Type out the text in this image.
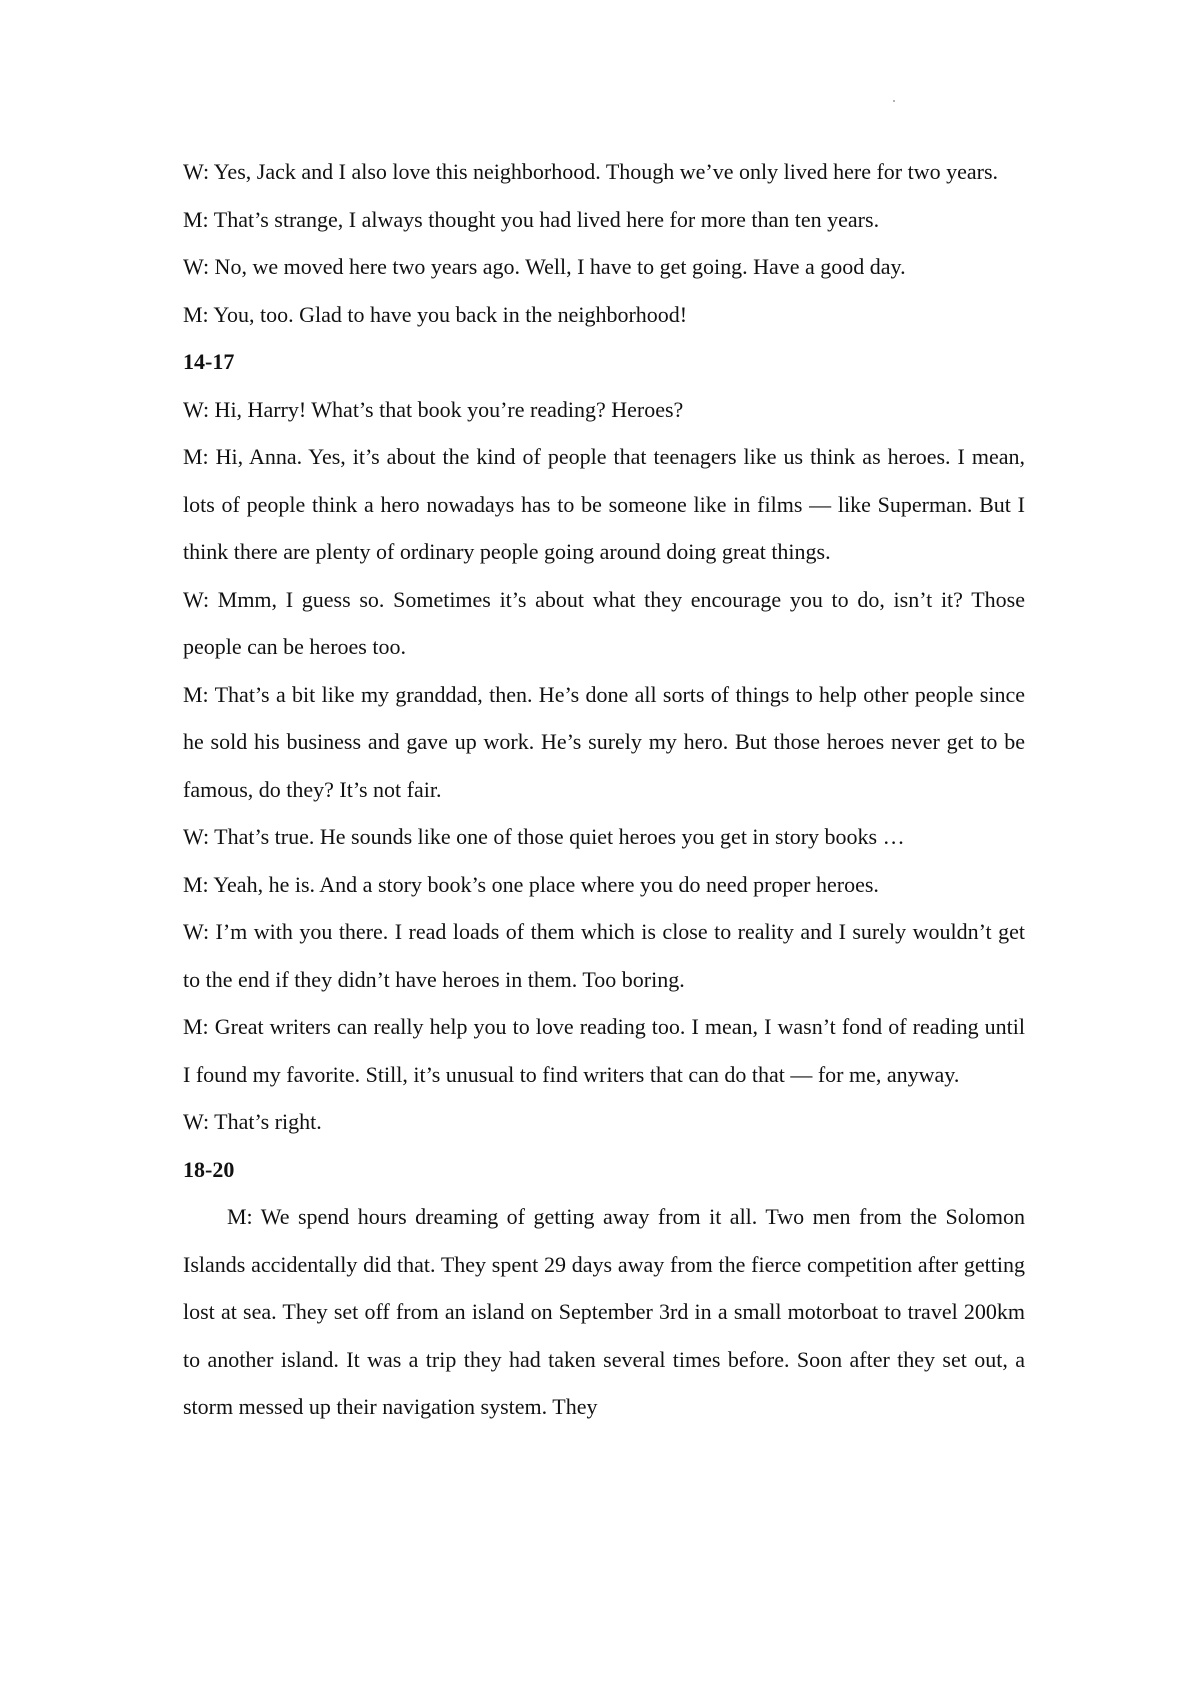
W: Yes, Jack and I also love this neighborhood. Though we’ve only lived here for two years.

M: That’s strange, I always thought you had lived here for more than ten years.

W: No, we moved here two years ago. Well, I have to get going. Have a good day.

M: You, too. Glad to have you back in the neighborhood!

14-17

W: Hi, Harry! What’s that book you’re reading? Heroes?

M: Hi, Anna. Yes, it’s about the kind of people that teenagers like us think as heroes. I mean, lots of people think a hero nowadays has to be someone like in films — like Superman. But I think there are plenty of ordinary people going around doing great things.

W: Mmm, I guess so. Sometimes it’s about what they encourage you to do, isn’t it? Those people can be heroes too.

M: That’s a bit like my granddad, then. He’s done all sorts of things to help other people since he sold his business and gave up work. He’s surely my hero. But those heroes never get to be famous, do they? It’s not fair.

W: That’s true. He sounds like one of those quiet heroes you get in story books …

M: Yeah, he is. And a story book’s one place where you do need proper heroes.

W: I’m with you there. I read loads of them which is close to reality and I surely wouldn’t get to the end if they didn’t have heroes in them. Too boring.

M: Great writers can really help you to love reading too. I mean, I wasn’t fond of reading until I found my favorite. Still, it’s unusual to find writers that can do that — for me, anyway.

W: That’s right.

18-20

M: We spend hours dreaming of getting away from it all. Two men from the Solomon Islands accidentally did that. They spent 29 days away from the fierce competition after getting lost at sea. They set off from an island on September 3rd in a small motorboat to travel 200km to another island. It was a trip they had taken several times before. Soon after they set out, a storm messed up their navigation system. They
